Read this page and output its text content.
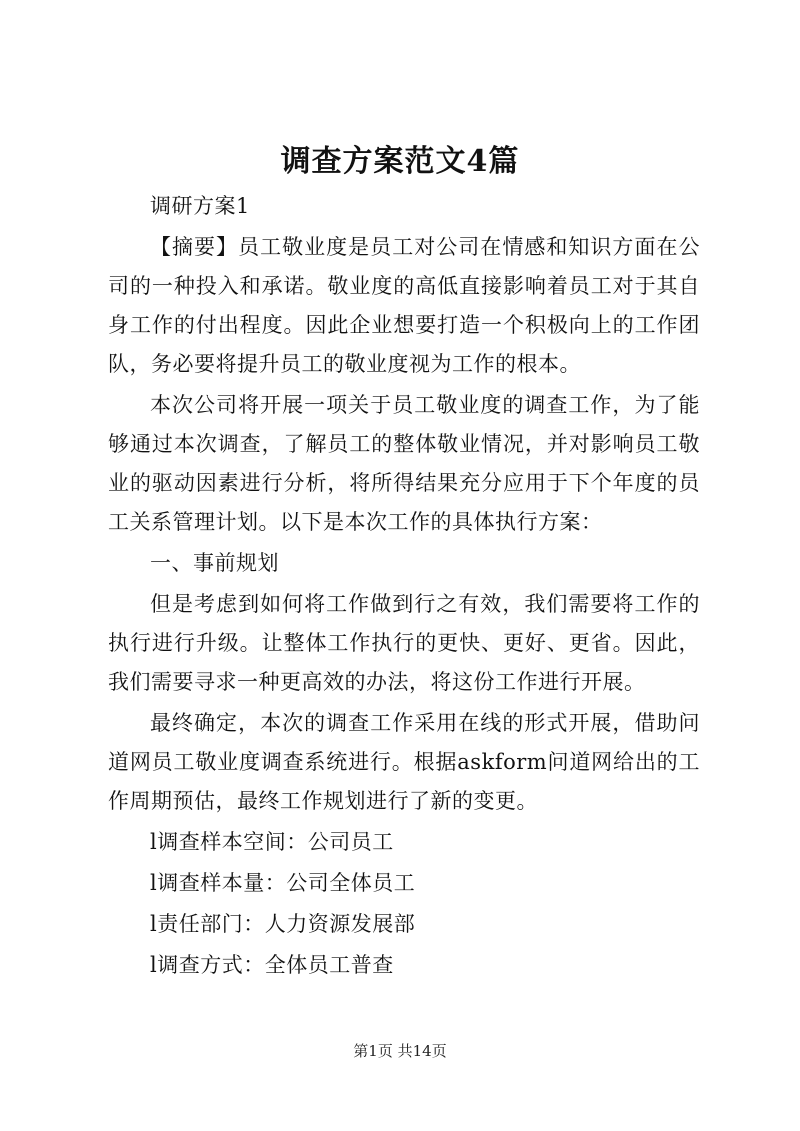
调查方案范文4篇

调研方案1

【摘要】员工敬业度是员工对公司在情感和知识方面在公司的一种投入和承诺。敬业度的高低直接影响着员工对于其自身工作的付出程度。因此企业想要打造一个积极向上的工作团队，务必要将提升员工的敬业度视为工作的根本。

本次公司将开展一项关于员工敬业度的调查工作，为了能够通过本次调查，了解员工的整体敬业情况，并对影响员工敬业的驱动因素进行分析，将所得结果充分应用于下个年度的员工关系管理计划。以下是本次工作的具体执行方案：

一、事前规划

但是考虑到如何将工作做到行之有效，我们需要将工作的执行进行升级。让整体工作执行的更快、更好、更省。因此，我们需要寻求一种更高效的办法，将这份工作进行开展。

最终确定，本次的调查工作采用在线的形式开展，借助问道网员工敬业度调查系统进行。根据askform问道网给出的工作周期预估，最终工作规划进行了新的变更。

l调查样本空间：公司员工

l调查样本量：公司全体员工

l责任部门：人力资源发展部

l调查方式：全体员工普查

第1页 共14页
